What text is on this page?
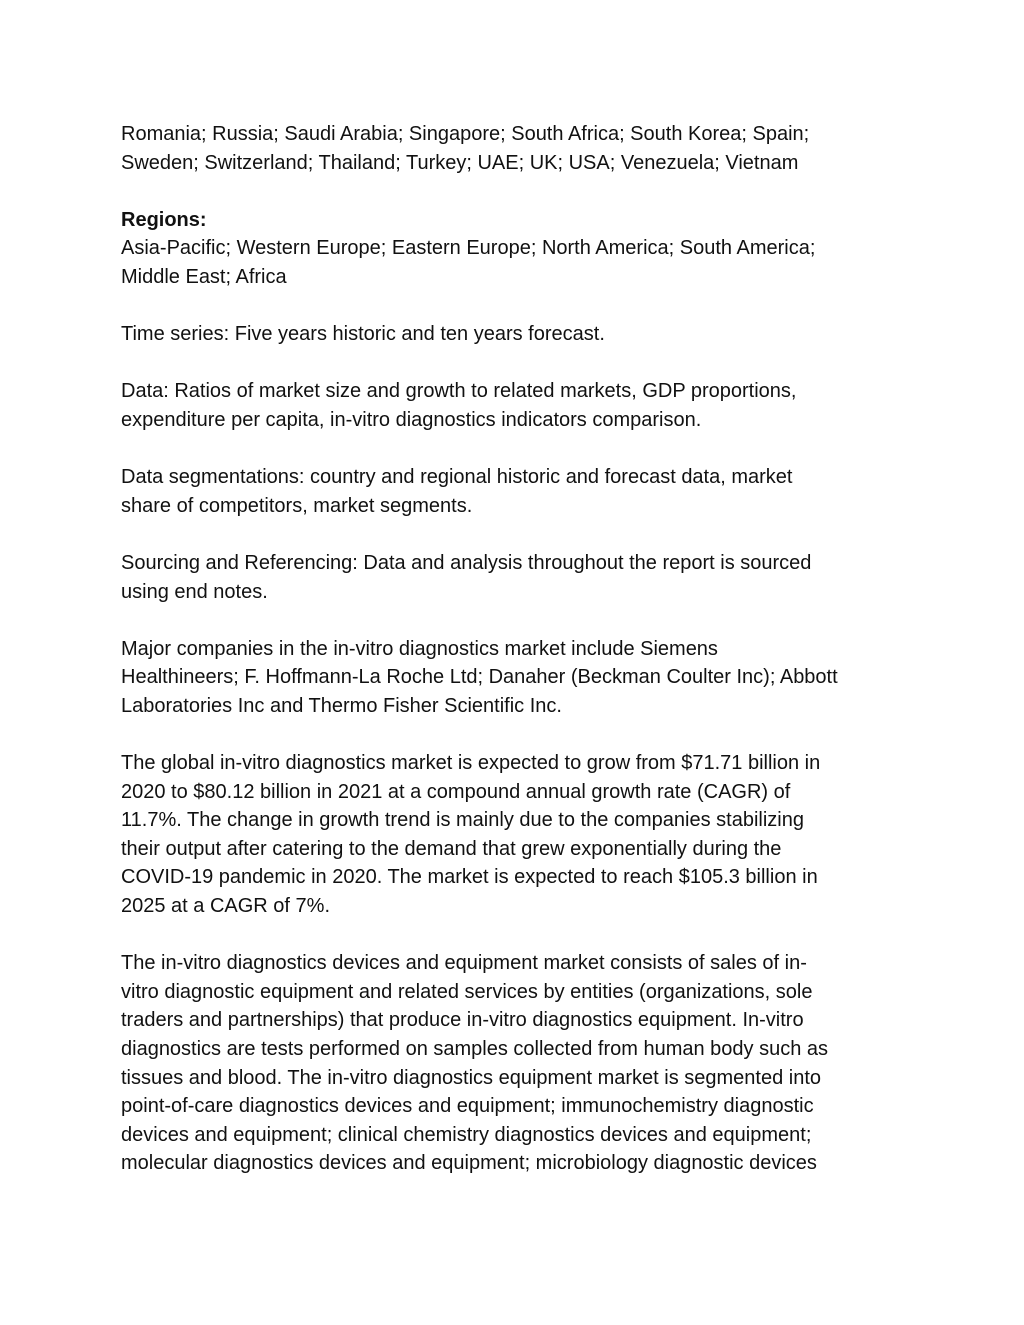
Romania; Russia; Saudi Arabia; Singapore; South Africa; South Korea; Spain;
Sweden; Switzerland; Thailand; Turkey; UAE; UK; USA; Venezuela; Vietnam
Regions:
Asia-Pacific; Western Europe; Eastern Europe; North America; South America;
Middle East; Africa
Time series: Five years historic and ten years forecast.
Data: Ratios of market size and growth to related markets, GDP proportions,
expenditure per capita, in-vitro diagnostics indicators comparison.
Data segmentations: country and regional historic and forecast data, market
share of competitors, market segments.
Sourcing and Referencing: Data and analysis throughout the report is sourced
using end notes.
Major companies in the in-vitro diagnostics market include Siemens
Healthineers; F. Hoffmann-La Roche Ltd; Danaher (Beckman Coulter Inc); Abbott
Laboratories Inc and Thermo Fisher Scientific Inc.
The global in-vitro diagnostics market is expected to grow from $71.71 billion in
2020 to $80.12 billion in 2021 at a compound annual growth rate (CAGR) of
11.7%. The change in growth trend is mainly due to the companies stabilizing
their output after catering to the demand that grew exponentially during the
COVID-19 pandemic in 2020. The market is expected to reach $105.3 billion in
2025 at a CAGR of 7%.
The in-vitro diagnostics devices and equipment market consists of sales of in-
vitro diagnostic equipment and related services by entities (organizations, sole
traders and partnerships) that produce in-vitro diagnostics equipment. In-vitro
diagnostics are tests performed on samples collected from human body such as
tissues and blood. The in-vitro diagnostics equipment market is segmented into
point-of-care diagnostics devices and equipment; immunochemistry diagnostic
devices and equipment; clinical chemistry diagnostics devices and equipment;
molecular diagnostics devices and equipment; microbiology diagnostic devices
